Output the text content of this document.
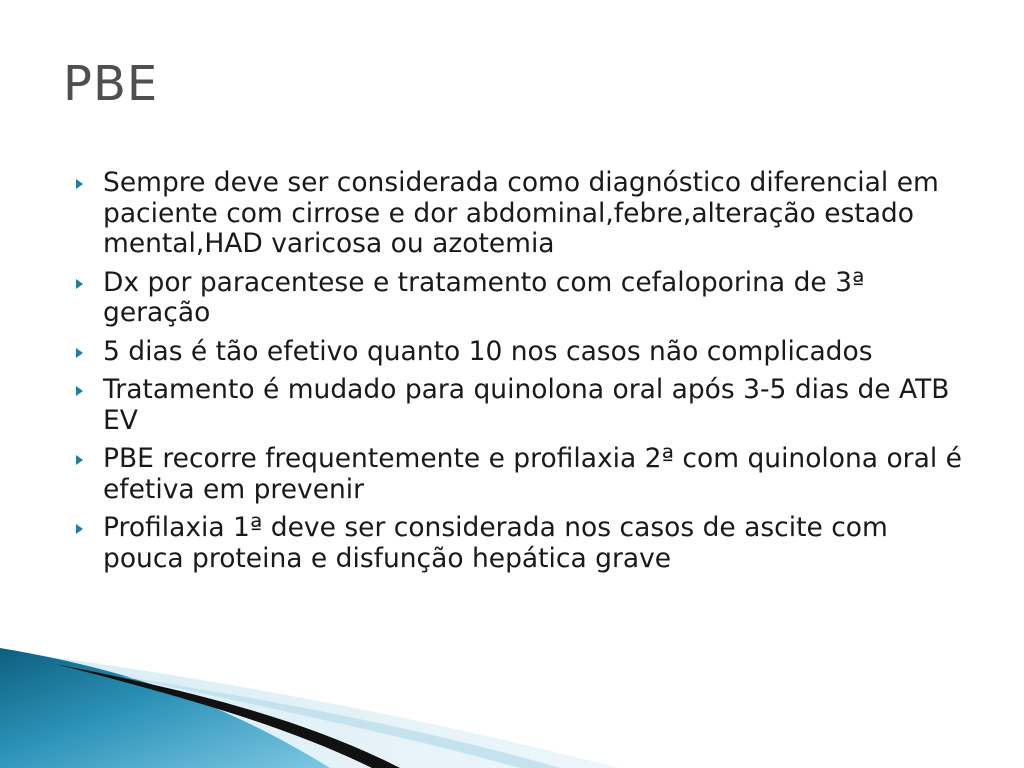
PBE
Sempre deve ser considerada como diagnóstico diferencial em paciente com cirrose e dor abdominal,febre,alteração estado mental,HAD varicosa ou azotemia
Dx por paracentese e tratamento com cefaloporina de 3ª geração
5 dias é tão efetivo quanto 10 nos casos não complicados
Tratamento é mudado para quinolona oral após 3-5 dias de ATB EV
PBE recorre frequentemente e profilaxia 2ª com quinolona oral é efetiva em prevenir
Profilaxia 1ª deve ser considerada nos casos de ascite com pouca proteina e disfunção hepática grave
